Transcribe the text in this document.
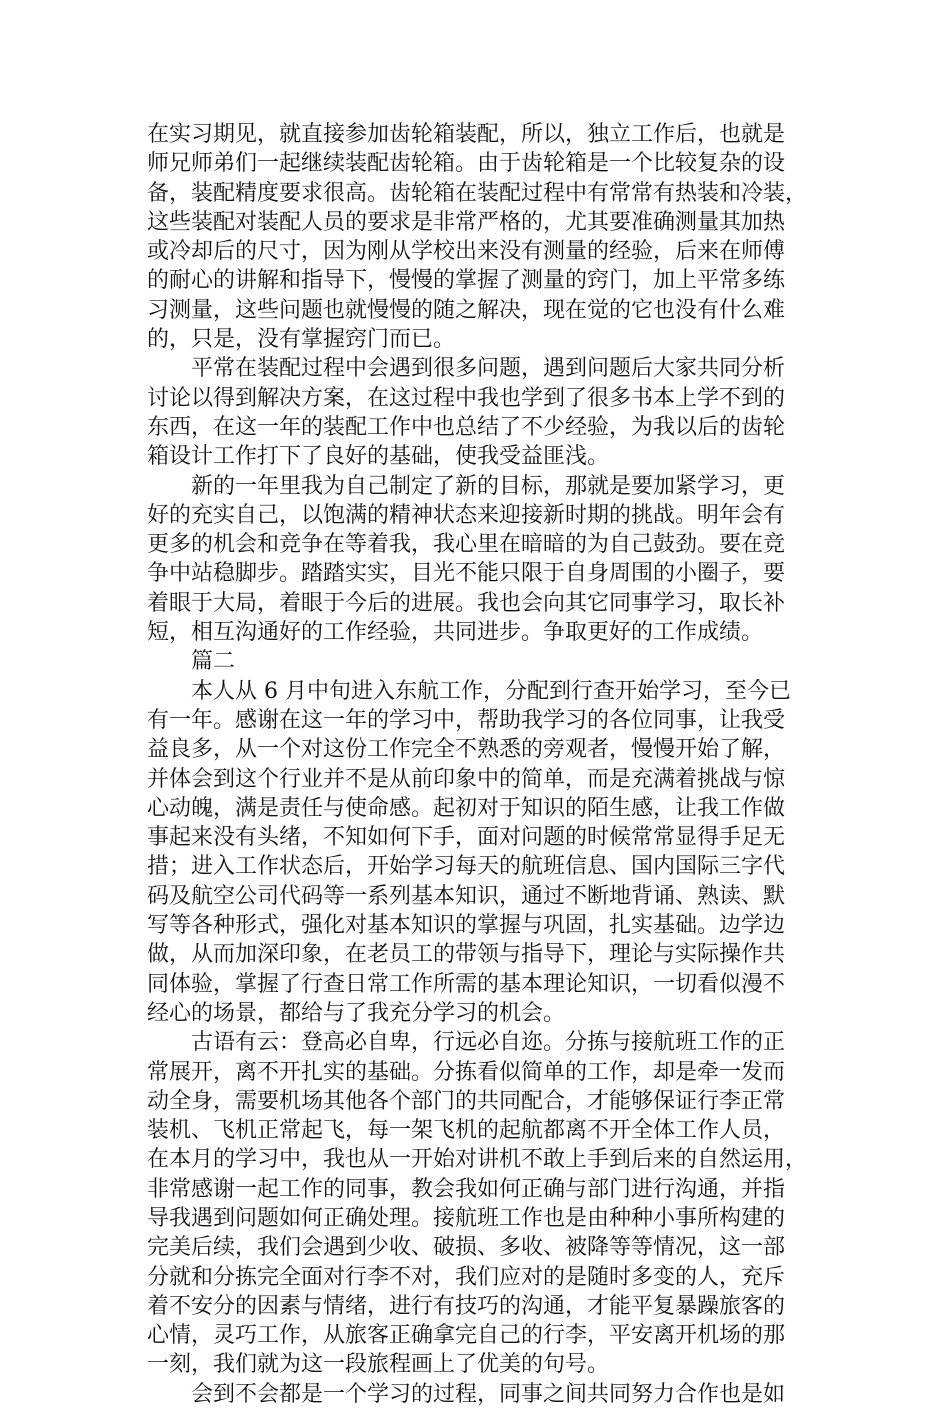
在实习期见，就直接参加齿轮箱装配，所以，独立工作后，也就是
师兄师弟们一起继续装配齿轮箱。由于齿轮箱是一个比较复杂的设
备，装配精度要求很高。齿轮箱在装配过程中有常常有热装和冷装，
这些装配对装配人员的要求是非常严格的，尤其要准确测量其加热
或冷却后的尺寸，因为刚从学校出来没有测量的经验，后来在师傅
的耐心的讲解和指导下，慢慢的掌握了测量的窍门，加上平常多练
习测量，这些问题也就慢慢的随之解决，现在觉的它也没有什么难
的，只是，没有掌握窍门而已。
平常在装配过程中会遇到很多问题，遇到问题后大家共同分析
讨论以得到解决方案，在这过程中我也学到了很多书本上学不到的
东西，在这一年的装配工作中也总结了不少经验，为我以后的齿轮
箱设计工作打下了良好的基础，使我受益匪浅。
新的一年里我为自己制定了新的目标，那就是要加紧学习，更
好的充实自己，以饱满的精神状态来迎接新时期的挑战。明年会有
更多的机会和竞争在等着我，我心里在暗暗的为自己鼓劲。要在竞
争中站稳脚步。踏踏实实，目光不能只限于自身周围的小圈子，要
着眼于大局，着眼于今后的进展。我也会向其它同事学习，取长补
短，相互沟通好的工作经验，共同进步。争取更好的工作成绩。
篇二
本人从 6 月中旬进入东航工作，分配到行查开始学习，至今已
有一年。感谢在这一年的学习中，帮助我学习的各位同事，让我受
益良多，从一个对这份工作完全不熟悉的旁观者，慢慢开始了解，
并体会到这个行业并不是从前印象中的简单，而是充满着挑战与惊
心动魄，满是责任与使命感。起初对于知识的陌生感，让我工作做
事起来没有头绪，不知如何下手，面对问题的时候常常显得手足无
措；进入工作状态后，开始学习每天的航班信息、国内国际三字代
码及航空公司代码等一系列基本知识，通过不断地背诵、熟读、默
写等各种形式，强化对基本知识的掌握与巩固，扎实基础。边学边
做，从而加深印象，在老员工的带领与指导下，理论与实际操作共
同体验，掌握了行查日常工作所需的基本理论知识，一切看似漫不
经心的场景，都给与了我充分学习的机会。
古语有云：登高必自卑，行远必自迩。分拣与接航班工作的正
常展开，离不开扎实的基础。分拣看似简单的工作，却是牵一发而
动全身，需要机场其他各个部门的共同配合，才能够保证行李正常
装机、飞机正常起飞，每一架飞机的起航都离不开全体工作人员，
在本月的学习中，我也从一开始对讲机不敢上手到后来的自然运用，
非常感谢一起工作的同事，教会我如何正确与部门进行沟通，并指
导我遇到问题如何正确处理。接航班工作也是由种种小事所构建的
完美后续，我们会遇到少收、破损、多收、被降等等情况，这一部
分就和分拣完全面对行李不对，我们应对的是随时多变的人，充斥
着不安分的因素与情绪，进行有技巧的沟通，才能平复暴躁旅客的
心情，灵巧工作，从旅客正确拿完自己的行李，平安离开机场的那
一刻，我们就为这一段旅程画上了优美的句号。
会到不会都是一个学习的过程，同事之间共同努力合作也是如
